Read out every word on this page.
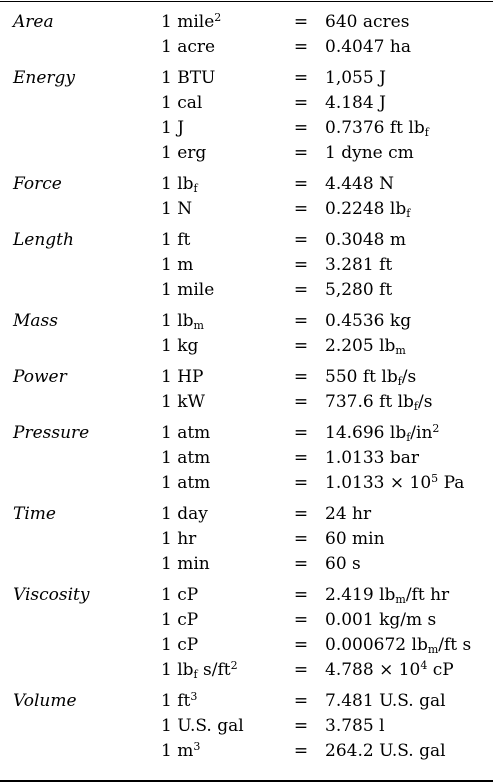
Area	1 mile$^2$	=	640 acres
	1 acre	=	0.4047 ha
Energy	1 BTU	=	1,055 J
	1 cal	=	4.184 J
	1 J	=	0.7376 ft $lb_f$
	1 erg	=	1 dyne cm
Force	1 $lb_f$	=	4.448 N
	1 N	=	0.2248 $lb_f$
Length	1 ft	=	0.3048 m
	1 m	=	3.281 ft
	1 mile	=	5,280 ft
Mass	1 $lb_m$	=	0.4536 kg
	1 kg	=	2.205 $lb_m$
Power	1 HP	=	550 ft $lb_f/s$
	1 kW	=	737.6 ft $lb_f/s$
Pressure	1 atm	=	14.696 $lb_f/in^2$
	1 atm	=	1.0133 bar
	1 atm	=	$1.0133 \times 10^5$ Pa
Time	1 day	=	24 hr
	1 hr	=	60 min
	1 min	=	60 s
Viscosity	1 cP	=	2.419 $lb_m/ft$ hr
	1 cP	=	0.001 kg/m s
	1 cP	=	0.000672 $lb_m/ft$ s
	1 $lb_f$ $s/ft^2$	=	$4.788 \times 10^4$ cP
Volume	1 $ft^3$	=	7.481 U.S. gal
	1 U.S. gal	=	3.785 l
	1 $m^3$	=	264.2 U.S. gal
